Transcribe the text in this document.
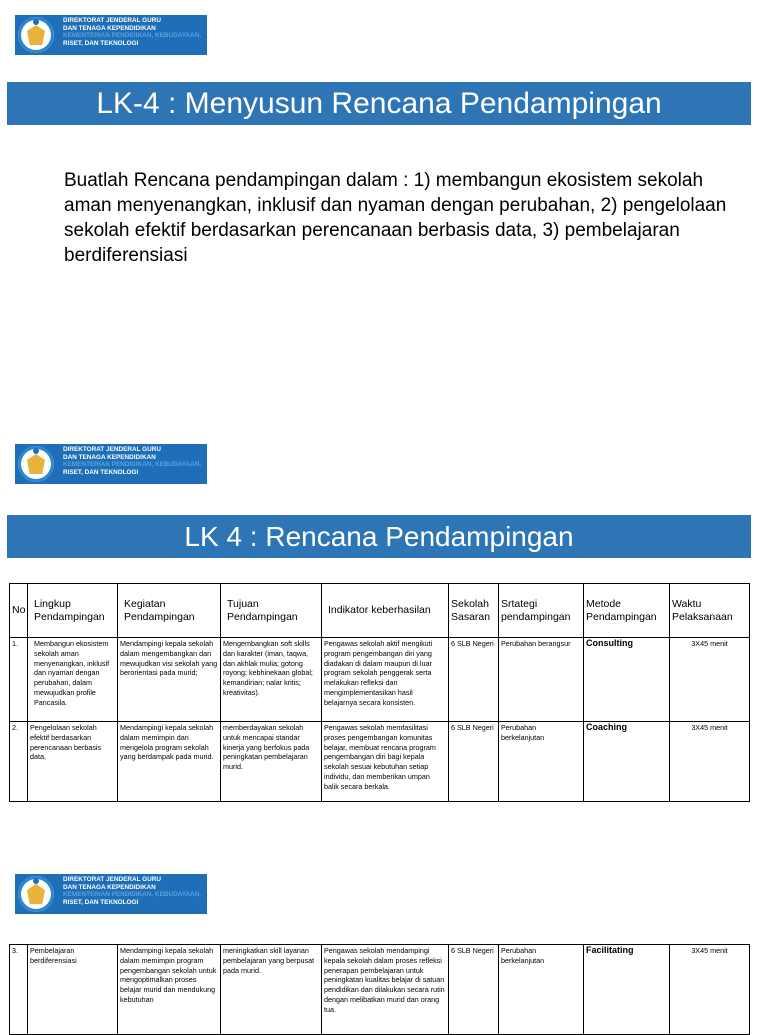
DIREKTORAT JENDERAL GURU
DAN TENAGA KEPENDIDIKAN
KEMENTERIAN PENDIDIKAN, KEBUDAYAAN,
RISET, DAN TEKNOLOGI
LK-4 : Menyusun Rencana Pendampingan
Buatlah Rencana pendampingan dalam : 1) membangun ekosistem sekolah aman menyenangkan, inklusif dan nyaman dengan perubahan, 2) pengelolaan sekolah efektif berdasarkan perencanaan berbasis data, 3) pembelajaran berdiferensiasi
DIREKTORAT JENDERAL GURU
DAN TENAGA KEPENDIDIKAN
KEMENTERIAN PENDIDIKAN, KEBUDAYAAN,
RISET, DAN TEKNOLOGI
LK 4 : Rencana Pendampingan
No	Lingkup Pendampingan	Kegiatan Pendampingan	Tujuan Pendampingan	Indikator keberhasilan	Sekolah Sasaran	Srtategi pendampingan	Metode Pendampingan	Waktu Pelaksanaan
1.	Membangun ekosistem sekolah aman menyenangkan, inklusif dan nyaman dengan perubahan, dalam mewujudkan profile Pancasila.	Mendampingi kepala sekolah dalam mengembangkan dan mewujudkan visi sekolah yang berorientasi pada murid;	Mengembangkan soft skills dan karakter (iman, taqwa, dan akhlak mulia; gotong royong; kebhinekaan global; kemandirian; nalar kritis; kreativitas).	Pengawas sekolah aktif mengikuti program pengembangan diri yang diadakan di dalam maupun di luar program sekolah penggerak serta melakukan refleksi dan mengimplementasikan hasil belajarnya secara konsisten.	6 SLB Negeri	Perubahan berangsur	Consulting	3X45 menit
2.	Pengelolaan sekolah efektif berdasarkan perencanaan berbasis data,	Mendampingi kepala sekolah dalam memimpin dan mengelola program sekolah yang berdampak pada murid.	memberdayakan sekolah untuk mencapai standar kinerja yang berfokus pada peningkatan pembelajaran murid.	Pengawas sekolah memfasilitasi proses pengembangan komunitas belajar, membuat rencana program pengembangan diri bagi kepala sekolah sesuai kebutuhan setiap individu, dan memberikan umpan balik secara berkala.	6 SLB Negeri	Perubahan berkelanjutan	Coaching	3X45 menit
DIREKTORAT JENDERAL GURU
DAN TENAGA KEPENDIDIKAN
KEMENTERIAN PENDIDIKAN, KEBUDAYAAN,
RISET, DAN TEKNOLOGI
3.	Pembelajaran berdiferensiasi	Mendampingi kepala sekolah dalam memimpin program pengembangan sekolah untuk mengoptimalkan proses belajar murid dan mendukung kebutuhan	meningkatkan skill layanan pembelajaran yang berpusat pada murid.	Pengawas sekolah mendampingi kepala sekolah dalam proses refleksi penerapan pembelajaran untuk peningkatan kualitas belajar di satuan pendidikan dan dilakukan secara rutin dengan melibatkan murid dan orang tua.	6 SLB Negeri	Perubahan berkelanjutan	Facilitating	3X45 menit
